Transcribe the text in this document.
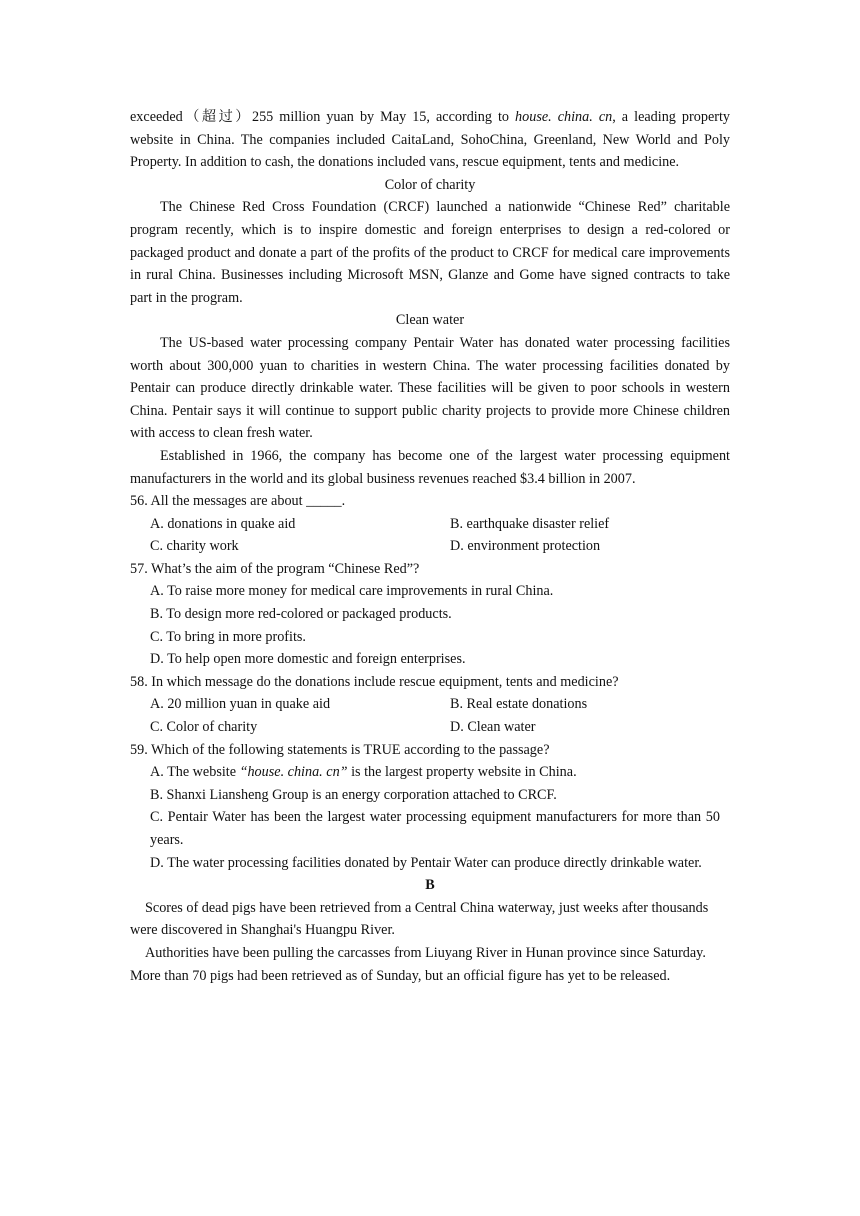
exceeded（超过）255 million yuan by May 15, according to house. china. cn, a leading property website in China. The companies included CaitaLand, SohoChina, Greenland, New World and Poly Property. In addition to cash, the donations included vans, rescue equipment, tents and medicine.

Color of charity

The Chinese Red Cross Foundation (CRCF) launched a nationwide “Chinese Red” charitable program recently, which is to inspire domestic and foreign enterprises to design a red-colored or packaged product and donate a part of the profits of the product to CRCF for medical care improvements in rural China. Businesses including Microsoft MSN, Glanze and Gome have signed contracts to take part in the program.

Clean water

The US-based water processing company Pentair Water has donated water processing facilities worth about 300,000 yuan to charities in western China. The water processing facilities donated by Pentair can produce directly drinkable water. These facilities will be given to poor schools in western China. Pentair says it will continue to support public charity projects to provide more Chinese children with access to clean fresh water.

Established in 1966, the company has become one of the largest water processing equipment manufacturers in the world and its global business revenues reached $3.4 billion in 2007.

56. All the messages are about _____.

A. donations in quake aid	B. earthquake disaster relief
C. charity work	D. environment protection

57. What’s the aim of the program “Chinese Red”?

A. To raise more money for medical care improvements in rural China.

B. To design more red-colored or packaged products.

C. To bring in more profits.

D. To help open more domestic and foreign enterprises.

58. In which message do the donations include rescue equipment, tents and medicine?

A. 20 million yuan in quake aid	B. Real estate donations
C. Color of charity	D. Clean water

59. Which of the following statements is TRUE according to the passage?

A. The website “house. china. cn” is the largest property website in China.

B. Shanxi Liansheng Group is an energy corporation attached to CRCF.

C. Pentair Water has been the largest water processing equipment manufacturers for more than 50 years.

D. The water processing facilities donated by Pentair Water can produce directly drinkable water.

B

Scores of dead pigs have been retrieved from a Central China waterway, just weeks after thousands were discovered in Shanghai's Huangpu River.

Authorities have been pulling the carcasses from Liuyang River in Hunan province since Saturday. More than 70 pigs had been retrieved as of Sunday, but an official figure has yet to be released.
